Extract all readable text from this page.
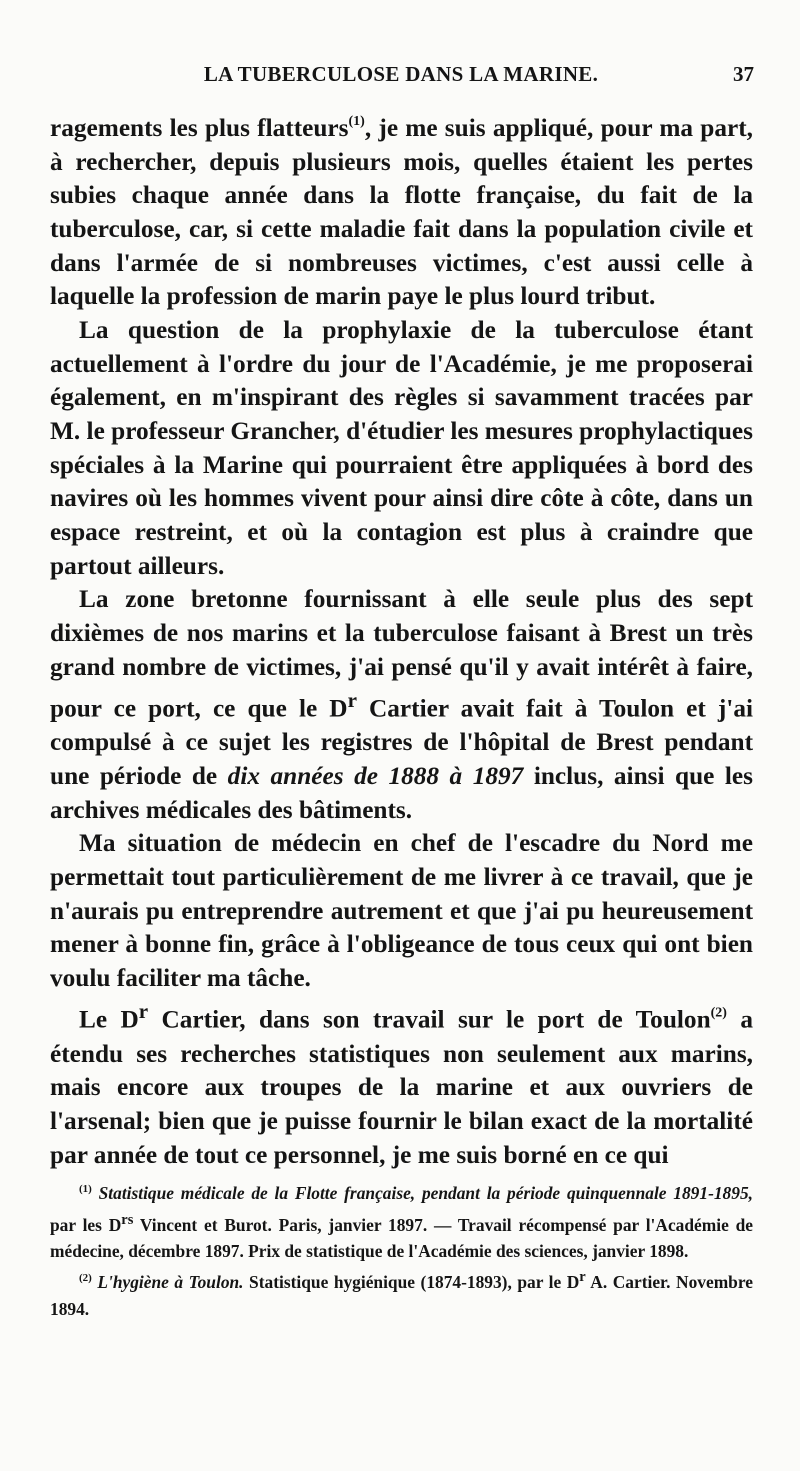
LA TUBERCULOSE DANS LA MARINE.	37

ragements les plus flatteurs$^{(1)}$, je me suis appliqué, pour ma part, à rechercher, depuis plusieurs mois, quelles étaient les pertes subies chaque année dans la flotte française, du fait de la tuberculose, car, si cette maladie fait dans la population civile et dans l'armée de si nombreuses victimes, c'est aussi celle à laquelle la profession de marin paye le plus lourd tribut.

La question de la prophylaxie de la tuberculose étant actuellement à l'ordre du jour de l'Académie, je me proposerai également, en m'inspirant des règles si savamment tracées par M. le professeur Grancher, d'étudier les mesures prophylactiques spéciales à la Marine qui pourraient être appliquées à bord des navires où les hommes vivent pour ainsi dire côte à côte, dans un espace restreint, et où la contagion est plus à craindre que partout ailleurs.

La zone bretonne fournissant à elle seule plus des sept dixièmes de nos marins et la tuberculose faisant à Brest un très grand nombre de victimes, j'ai pensé qu'il y avait intérêt à faire, pour ce port, ce que le $D^r$ Cartier avait fait à Toulon et j'ai compulsé à ce sujet les registres de l'hôpital de Brest pendant une période de dix années de 1888 à 1897 inclus, ainsi que les archives médicales des bâtiments.

Ma situation de médecin en chef de l'escadre du Nord me permettait tout particulièrement de me livrer à ce travail, que je n'aurais pu entreprendre autrement et que j'ai pu heureusement mener à bonne fin, grâce à l'obligeance de tous ceux qui ont bien voulu faciliter ma tâche.

Le $D^r$ Cartier, dans son travail sur le port de Toulon$^{(2)}$ a étendu ses recherches statistiques non seulement aux marins, mais encore aux troupes de la marine et aux ouvriers de l'arsenal; bien que je puisse fournir le bilan exact de la mortalité par année de tout ce personnel, je me suis borné en ce qui

$^{(1)}$ Statistique médicale de la Flotte française, pendant la période quinquennale 1891-1895, par les $D^{rs}$ Vincent et Burot. Paris, janvier 1897. — Travail récompensé par l'Académie de médecine, décembre 1897. Prix de statistique de l'Académie des sciences, janvier 1898.

$^{(2)}$ L'hygiène à Toulon. Statistique hygiénique (1874-1893), par le $D^r$ A. Cartier. Novembre 1894.
